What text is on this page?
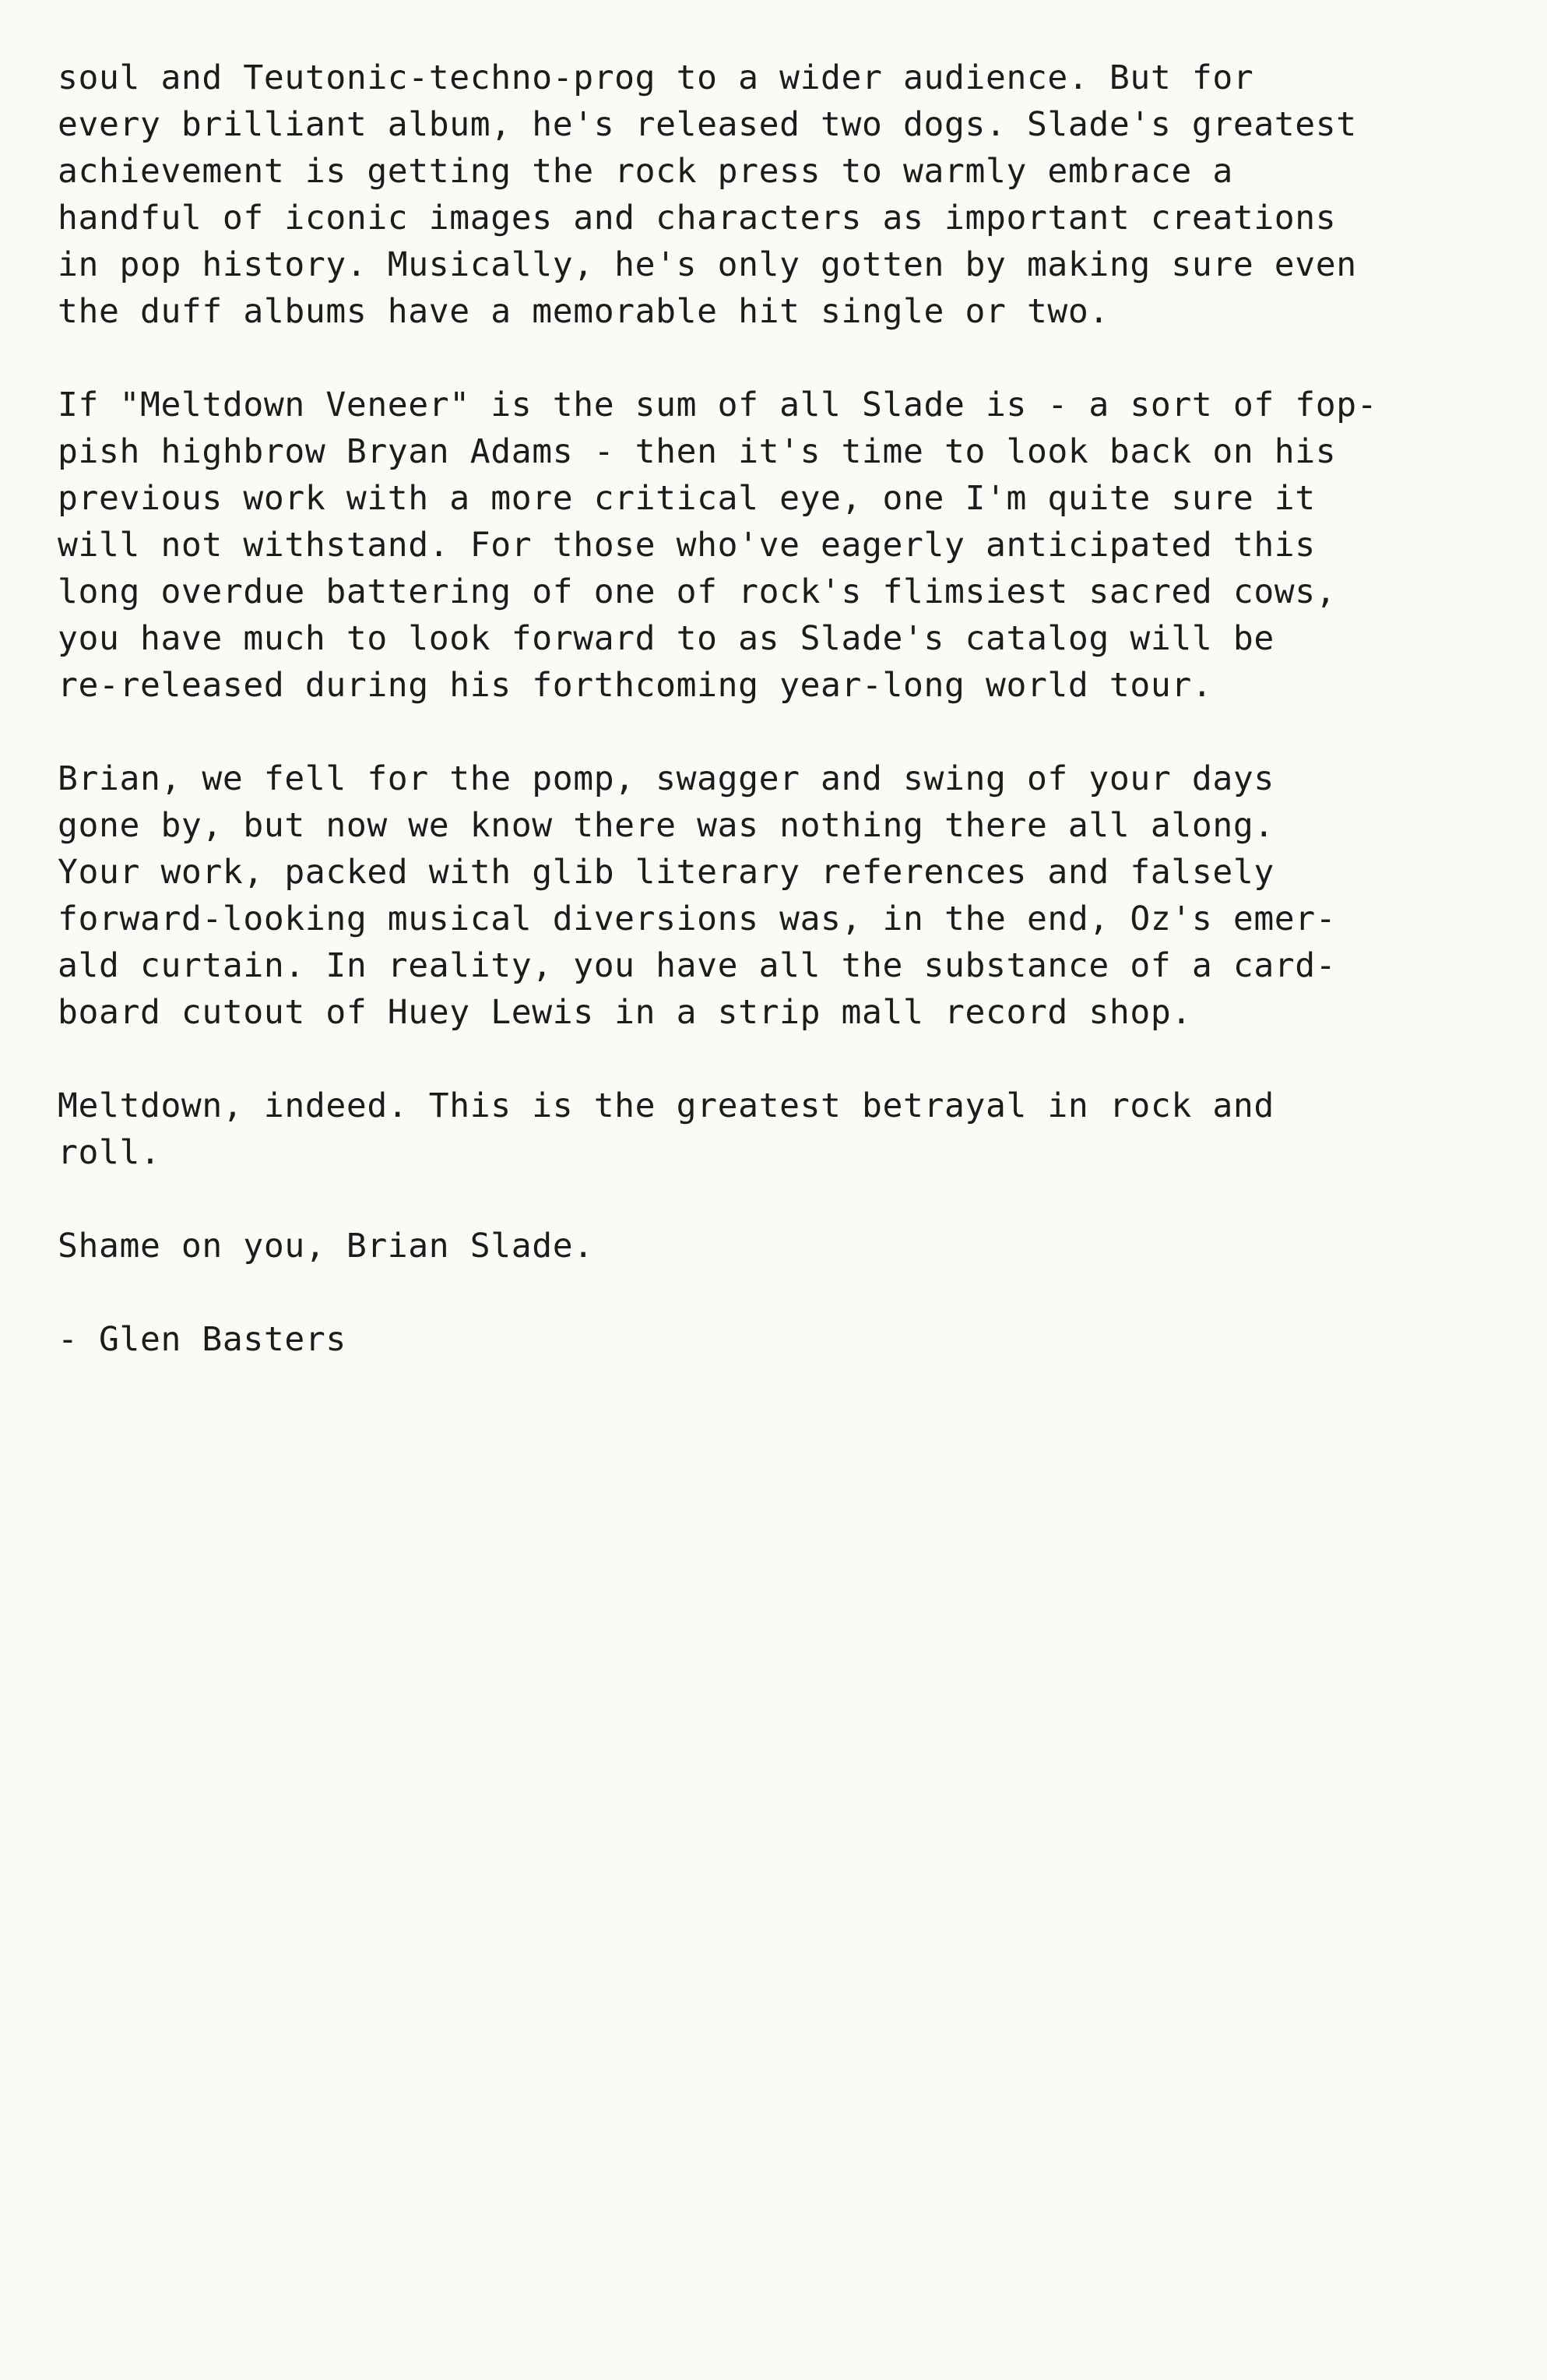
soul and Teutonic-techno-prog to a wider audience. But for
every brilliant album, he's released two dogs. Slade's greatest
achievement is getting the rock press to warmly embrace a
handful of iconic images and characters as important creations
in pop history. Musically, he's only gotten by making sure even
the duff albums have a memorable hit single or two.
If "Meltdown Veneer" is the sum of all Slade is - a sort of fop-
pish highbrow Bryan Adams - then it's time to look back on his
previous work with a more critical eye, one I'm quite sure it
will not withstand. For those who've eagerly anticipated this
long overdue battering of one of rock's flimsiest sacred cows,
you have much to look forward to as Slade's catalog will be
re-released during his forthcoming year-long world tour.
Brian, we fell for the pomp, swagger and swing of your days
gone by, but now we know there was nothing there all along.
Your work, packed with glib literary references and falsely
forward-looking musical diversions was, in the end, Oz's emer-
ald curtain. In reality, you have all the substance of a card-
board cutout of Huey Lewis in a strip mall record shop.
Meltdown, indeed. This is the greatest betrayal in rock and
roll.
Shame on you, Brian Slade.
- Glen Basters
